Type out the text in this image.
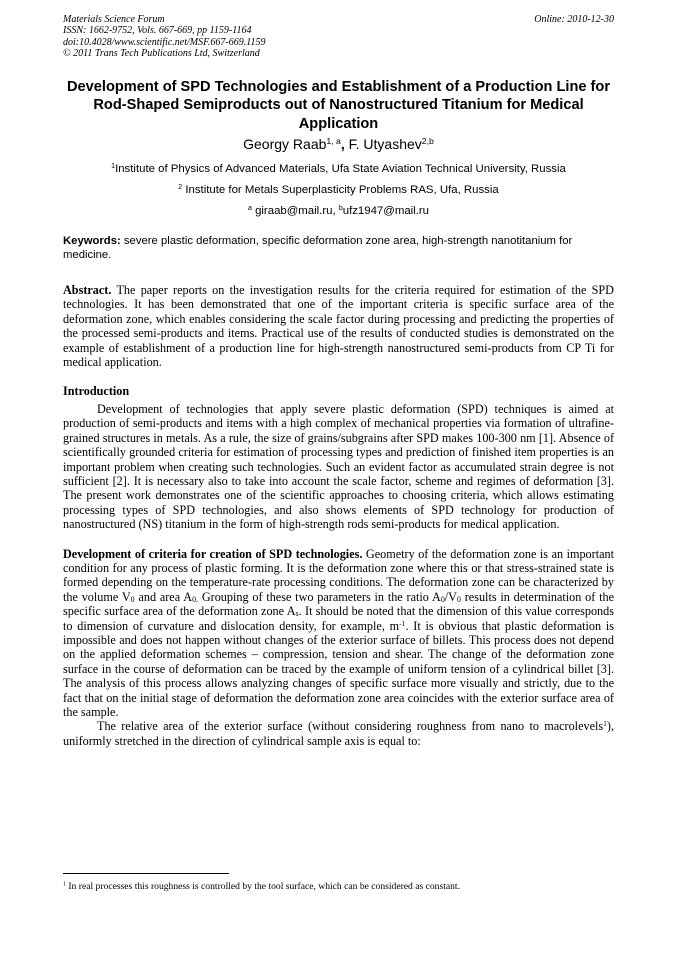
Materials Science Forum
ISSN: 1662-9752, Vols. 667-669, pp 1159-1164
doi:10.4028/www.scientific.net/MSF.667-669.1159
© 2011 Trans Tech Publications Ltd, Switzerland
Online: 2010-12-30
Development of SPD Technologies and Establishment of a Production Line for Rod-Shaped Semiproducts out of Nanostructured Titanium for Medical Application
Georgy Raab$^{1, a}$, F. Utyashev$^{2,b}$
$^1$Institute of Physics of Advanced Materials, Ufa State Aviation Technical University, Russia
$^2$ Institute for Metals Superplasticity Problems RAS, Ufa, Russia
$^a$ giraab@mail.ru, $^b$ufz1947@mail.ru
Keywords: severe plastic deformation, specific deformation zone area, high-strength nanotitanium for medicine.

Abstract. The paper reports on the investigation results for the criteria required for estimation of the SPD technologies. It has been demonstrated that one of the important criteria is specific surface area of the deformation zone, which enables considering the scale factor during processing and predicting the properties of the processed semi-products and items. Practical use of the results of conducted studies is demonstrated on the example of establishment of a production line for high-strength nanostructured semi-products from CP Ti for medical application.

Introduction

Development of technologies that apply severe plastic deformation (SPD) techniques is aimed at production of semi-products and items with a high complex of mechanical properties via formation of ultrafine-grained structures in metals. As a rule, the size of grains/subgrains after SPD makes 100-300 nm [1]. Absence of scientifically grounded criteria for estimation of processing types and prediction of finished item properties is an important problem when creating such technologies. Such an evident factor as accumulated strain degree is not sufficient [2]. It is necessary also to take into account the scale factor, scheme and regimes of deformation [3]. The present work demonstrates one of the scientific approaches to choosing criteria, which allows estimating processing types of SPD technologies, and also shows elements of SPD technology for production of nanostructured (NS) titanium in the form of high-strength rods semi-products for medical application.

Development of criteria for creation of SPD technologies. Geometry of the deformation zone is an important condition for any process of plastic forming. It is the deformation zone where this or that stress-strained state is formed depending on the temperature-rate processing conditions. The deformation zone can be characterized by the volume $V_0$ and area $A_{0.}$ Grouping of these two parameters in the ratio $A_0/V_0$ results in determination of the specific surface area of the deformation zone $A_s$. It should be noted that the dimension of this value corresponds to dimension of curvature and dislocation density, for example, $m^{-1}$. It is obvious that plastic deformation is impossible and does not happen without changes of the exterior surface of billets. This process does not depend on the applied deformation schemes – compression, tension and shear. The change of the deformation zone surface in the course of deformation can be traced by the example of uniform tension of a cylindrical billet [3]. The analysis of this process allows analyzing changes of specific surface more visually and strictly, due to the fact that on the initial stage of deformation the deformation zone area coincides with the exterior surface area of the sample.

The relative area of the exterior surface (without considering roughness from nano to macrolevels$^1$), uniformly stretched in the direction of cylindrical sample axis is equal to:

$^1$ In real processes this roughness is controlled by the tool surface, which can be considered as constant.
